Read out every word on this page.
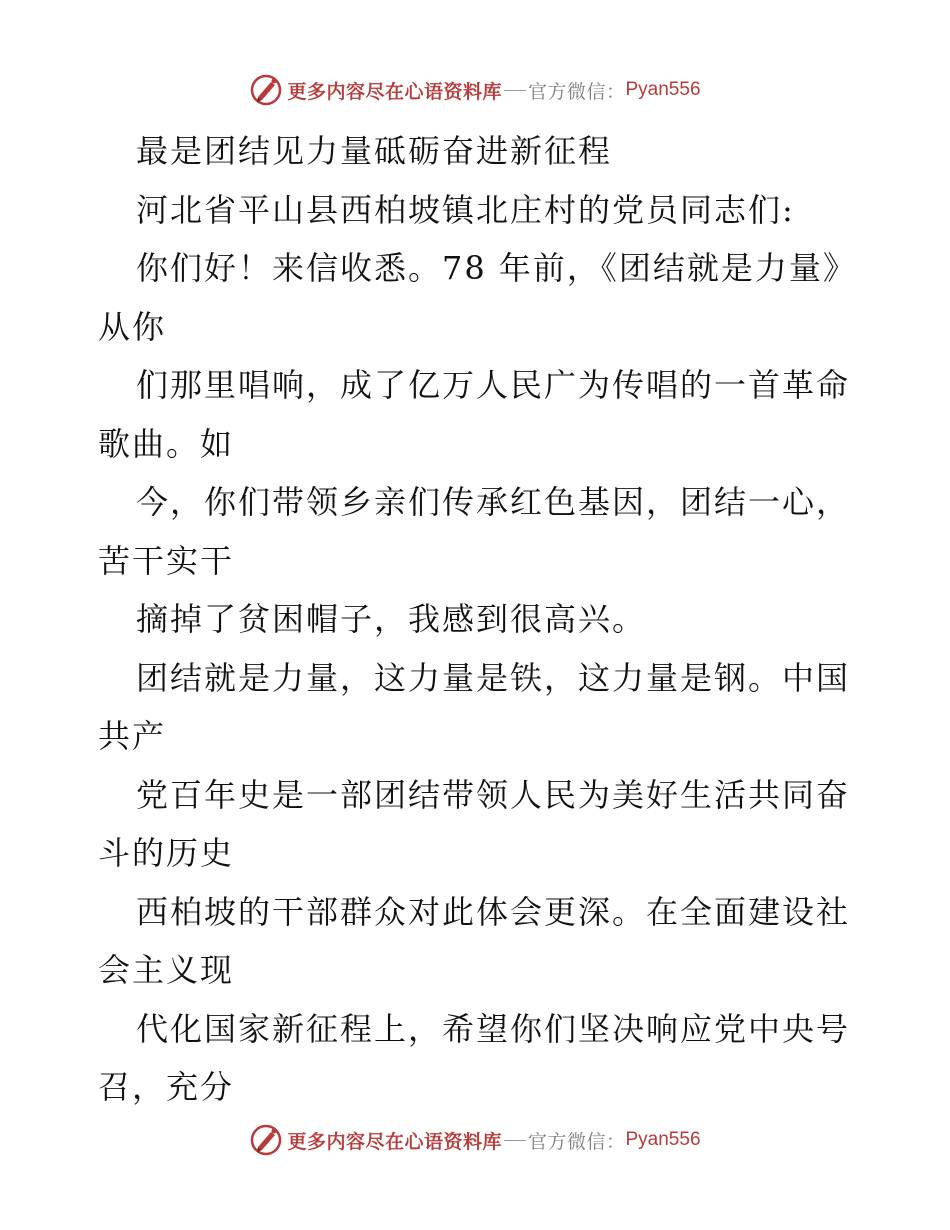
更多内容尽在心语资料库 官方微信： Pyan556

最是团结见力量砥砺奋进新征程

河北省平山县西柏坡镇北庄村的党员同志们:

你们好！来信收悉。78 年前，《团结就是力量》从你

们那里唱响，成了亿万人民广为传唱的一首革命歌曲。如

今，你们带领乡亲们传承红色基因，团结一心，苦干实干

摘掉了贫困帽子，我感到很高兴。

团结就是力量，这力量是铁，这力量是钢。中国共产

党百年史是一部团结带领人民为美好生活共同奋斗的历史

西柏坡的干部群众对此体会更深。在全面建设社会主义现

代化国家新征程上，希望你们坚决响应党中央号召，充分

更多内容尽在心语资料库 官方微信： Pyan556
